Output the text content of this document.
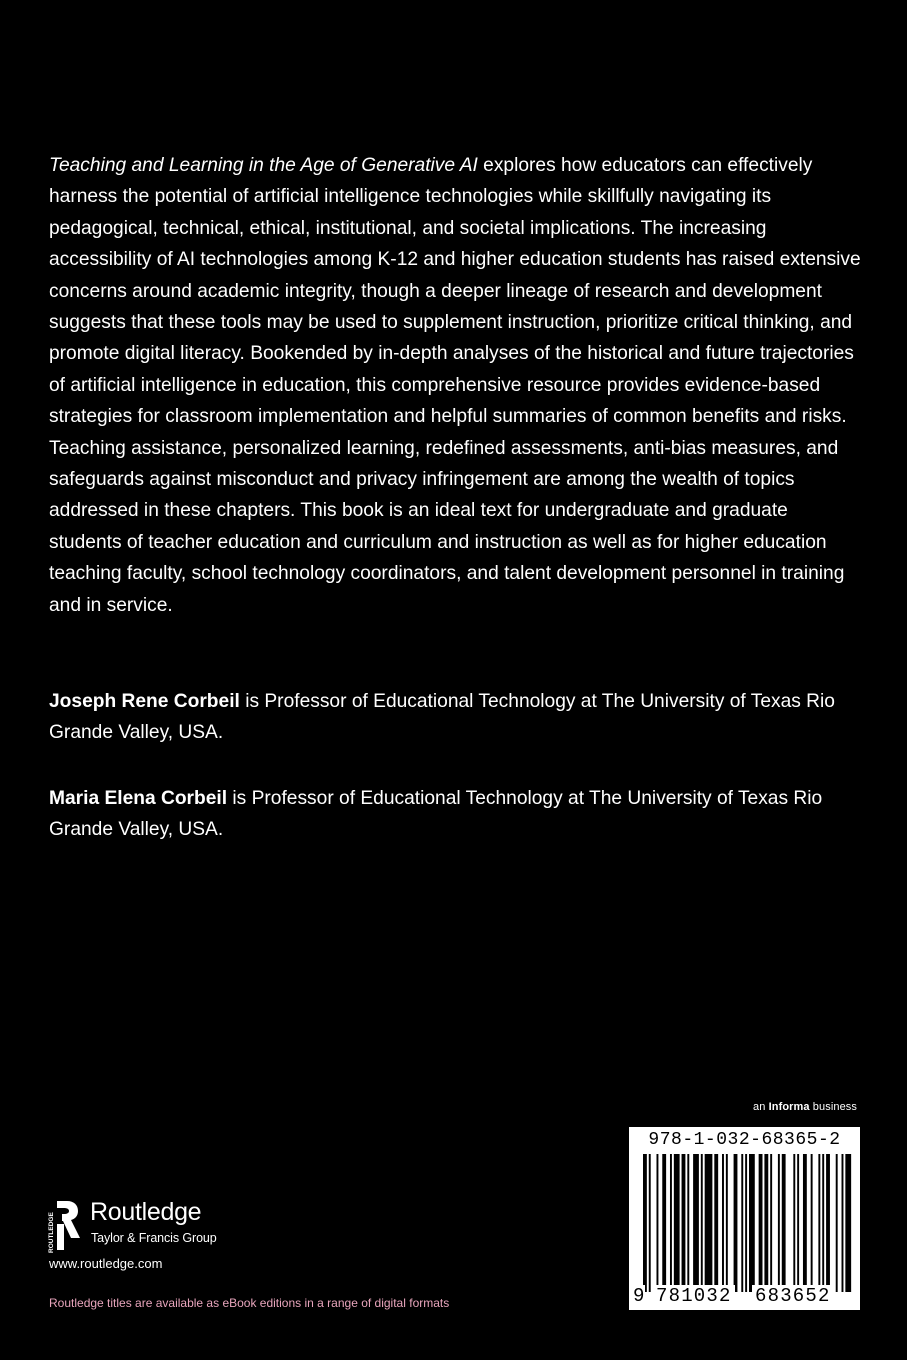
Teaching and Learning in the Age of Generative AI explores how educators can effectively harness the potential of artificial intelligence technologies while skillfully navigating its pedagogical, technical, ethical, institutional, and societal implications. The increasing accessibility of AI technologies among K-12 and higher education students has raised extensive concerns around academic integrity, though a deeper lineage of research and development suggests that these tools may be used to supplement instruction, prioritize critical thinking, and promote digital literacy. Bookended by in-depth analyses of the historical and future trajectories of artificial intelligence in education, this comprehensive resource provides evidence-based strategies for classroom implementation and helpful summaries of common benefits and risks. Teaching assistance, personalized learning, redefined assessments, anti-bias measures, and safeguards against misconduct and privacy infringement are among the wealth of topics addressed in these chapters. This book is an ideal text for undergraduate and graduate students of teacher education and curriculum and instruction as well as for higher education teaching faculty, school technology coordinators, and talent development personnel in training and in service.

Joseph Rene Corbeil is Professor of Educational Technology at The University of Texas Rio Grande Valley, USA.

Maria Elena Corbeil is Professor of Educational Technology at The University of Texas Rio Grande Valley, USA.

an Informa business
978-1-032-68365-2
9 781032 683652
ROUTLEDGE
Routledge
Taylor & Francis Group
www.routledge.com
Routledge titles are available as eBook editions in a range of digital formats
